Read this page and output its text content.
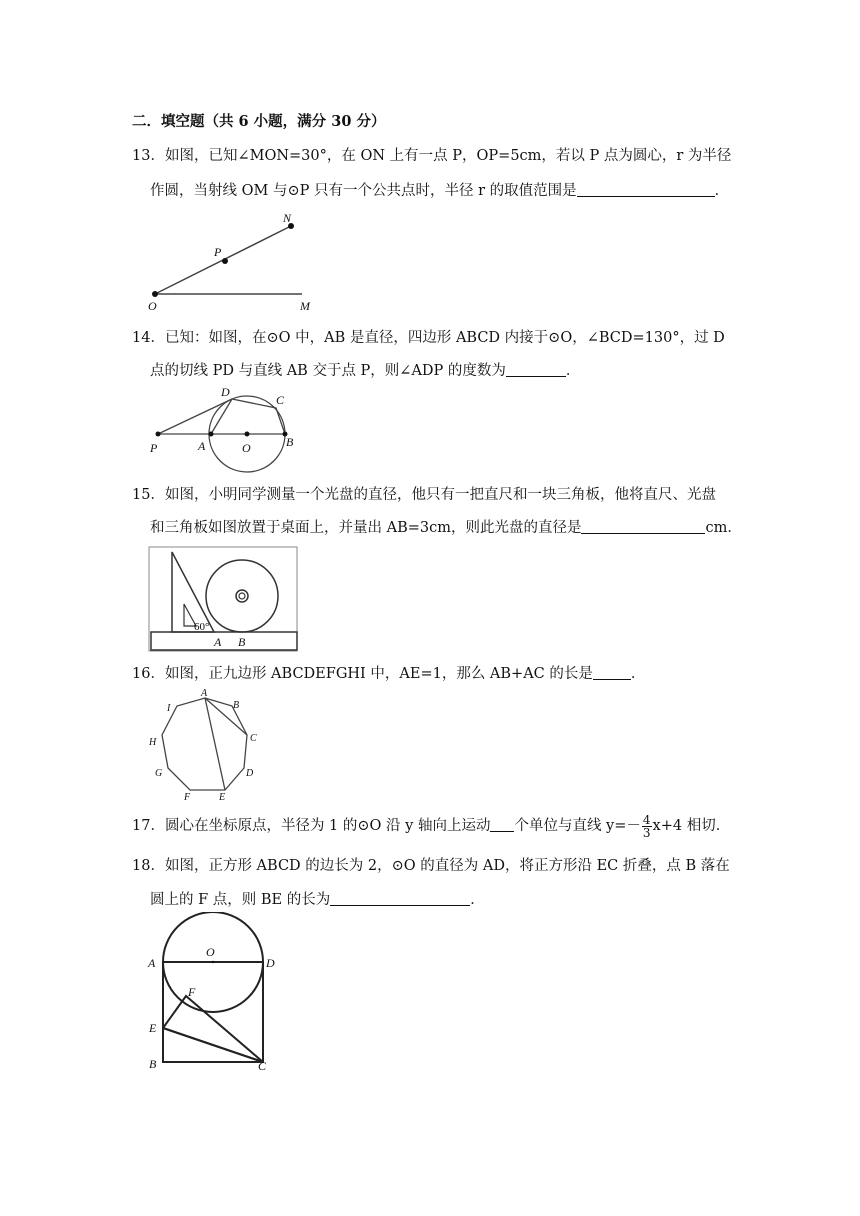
二．填空题（共 6 小题，满分 30 分）
13．如图，已知∠MON=30°，在 ON 上有一点 P，OP=5cm，若以 P 点为圆心，r 为半径
作圆，当射线 OM 与⊙P 只有一个公共点时，半径 r 的取值范围是	．
O
P
N
M
14．已知：如图，在⊙O 中，AB 是直径，四边形 ABCD 内接于⊙O，∠BCD=130°，过 D
点的切线 PD 与直线 AB 交于点 P，则∠ADP 的度数为	．
P	A	O	B
C
D
15．如图，小明同学测量一个光盘的直径，他只有一把直尺和一块三角板，他将直尺、光盘
和三角板如图放置于桌面上，并量出 AB=3cm，则此光盘的直径是	cm．
60°
A B
16．如图，正九边形 ABCDEFGHI 中，AE=1，那么 AB+AC 的长是	．
A
B
C
D
E
F
G
H
I
17．圆心在坐标原点，半径为 1 的⊙O 沿 y 轴向上运动 个单位与直线 $y=- \frac{4}{3} x+4$ 相切．
18．如图，正方形 ABCD 的边长为 2，⊙O 的直径为 AD，将正方形沿 EC 折叠，点 B 落在
圆上的 F 点，则 BE 的长为	．
A
O
D
F
E
B	C
